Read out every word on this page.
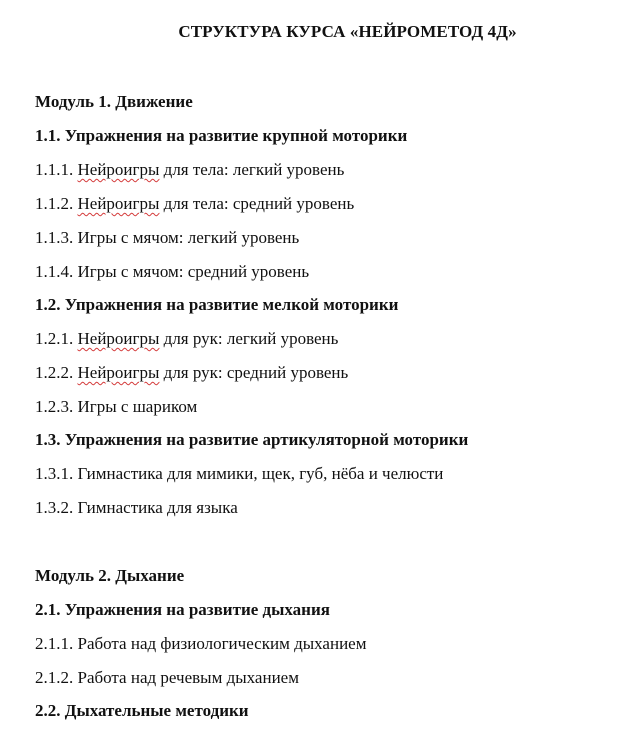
СТРУКТУРА КУРСА «НЕЙРОМЕТОД 4Д»
Модуль 1. Движение
1.1. Упражнения на развитие крупной моторики
1.1.1. Нейроигры для тела: легкий уровень
1.1.2. Нейроигры для тела: средний уровень
1.1.3. Игры с мячом: легкий уровень
1.1.4. Игры с мячом: средний уровень
1.2. Упражнения на развитие мелкой моторики
1.2.1. Нейроигры для рук: легкий уровень
1.2.2. Нейроигры для рук: средний уровень
1.2.3. Игры с шариком
1.3. Упражнения на развитие артикуляторной моторики
1.3.1. Гимнастика для мимики, щек, губ, нёба и челюсти
1.3.2. Гимнастика для языка
Модуль 2. Дыхание
2.1. Упражнения на развитие дыхания
2.1.1. Работа над физиологическим дыханием
2.1.2. Работа над речевым дыханием
2.2. Дыхательные методики
